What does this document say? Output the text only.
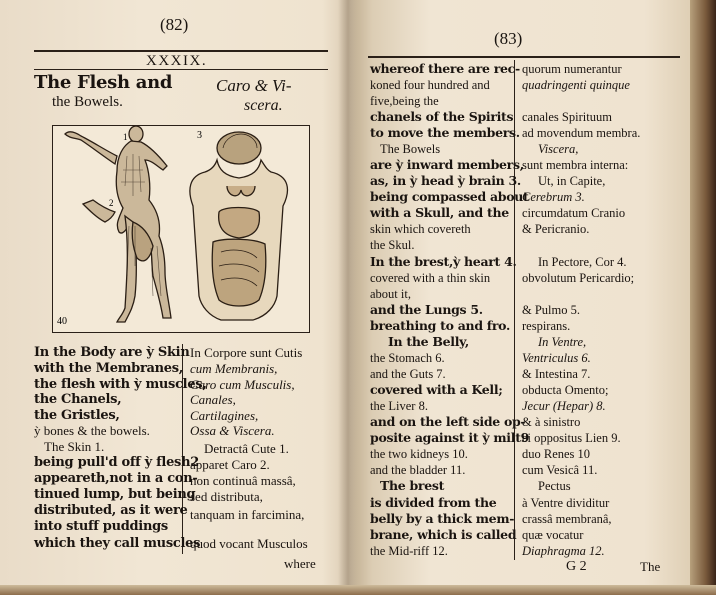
(82)
XXXIX.
The Flesh and
the Bowels.
Caro & Vi-
scera.
3
1
2
40
In the Body are ỳ Skin
with the Membranes,
the flesh with ỳ muscles,
the Chanels,
the Gristles,
ỳ bones & the bowels.
The Skin 1.
being pull'd off ỳ flesh2
appeareth,not in a con-
tinued lump, but being
distributed, as it were
into stuff puddings
which they call muscles
In Corpore sunt Cutis
cum Membranis,
Caro cum Musculis,
Canales,
Cartilagines,
Ossa & Viscera.
Detractâ Cute 1.
apparet Caro 2.
non continuâ massâ,
sed distributa,
tanquam in farcimina,
quod vocant Musculos
where
(83)
whereof there are rec-
koned four hundred and
five,being the
chanels of the Spirits
to move the members.
The Bowels
are ỳ inward members,
as, in ỳ head ỳ brain 3.
being compassed about
with a Skull, and the
skin which covereth
the Skul.
In the brest,ỳ heart 4.
covered with a thin skin
about it,
and the Lungs 5.
breathing to and fro.
In the Belly,
the Stomach 6.
and the Guts 7.
covered with a Kell;
the Liver 8.
and on the left side op-
posite against it ỳ milt9
the two kidneys 10.
and the bladder 11.
The brest
is divided from the
belly by a thick mem-
brane, which is called
the Mid-riff 12.
quorum numerantur
quadringenti quinque
canales Spirituum
ad movendum membra.
Viscera,
sunt membra interna:
Ut, in Capite,
Cerebrum 3.
circumdatum Cranio
& Pericranio.
In Pectore, Cor 4.
obvolutum Pericardio;
& Pulmo 5.
respirans.
In Ventre,
Ventriculus 6.
& Intestina 7.
obducta Omento;
Jecur (Hepar) 8.
& à sinistro
ei oppositus Lien 9.
duo Renes 10
cum Vesicâ 11.
Pectus
à Ventre dividitur
crassâ membranâ,
quæ vocatur
Diaphragma 12.
G 2	The
